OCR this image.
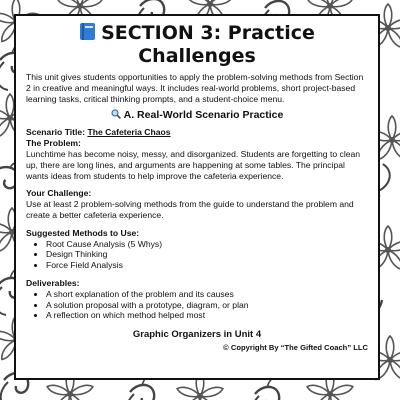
SECTION 3: Practice
Challenges

This unit gives students opportunities to apply the problem-solving methods from Section 2 in creative and meaningful ways. It includes real-world problems, short project-based learning tasks, critical thinking prompts, and a student-choice menu.

A. Real-World Scenario Practice
Scenario Title: The Cafeteria Chaos
The Problem:

Lunchtime has become noisy, messy, and disorganized. Students are forgetting to clean up, there are long lines, and arguments are happening at some tables. The principal wants ideas from students to help improve the cafeteria experience.

Your Challenge:

Use at least 2 problem-solving methods from the guide to understand the problem and create a better cafeteria experience.

Suggested Methods to Use:
• Root Cause Analysis (5 Whys)
• Design Thinking
• Force Field Analysis
Deliverables:
• A short explanation of the problem and its causes
• A solution proposal with a prototype, diagram, or plan
• A reflection on which method helped most
Graphic Organizers in Unit 4
© Copyright By “The Gifted Coach” LLC
